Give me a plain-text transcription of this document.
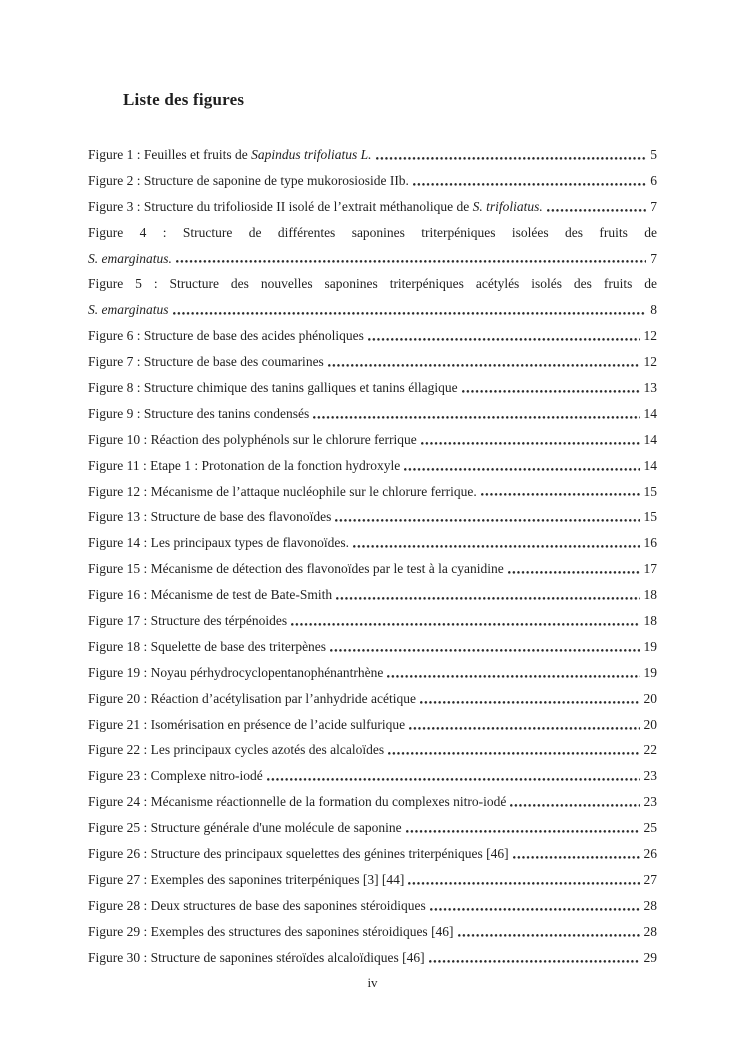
Liste des figures
Figure 1 : Feuilles et fruits de Sapindus trifoliatus L.	5
Figure 2 : Structure de saponine de type mukorosioside IIb.	6
Figure 3 : Structure du trifolioside II isolé de l’extrait méthanolique de S. trifoliatus.	7
Figure 4 : Structure de différentes saponines triterpéniques isolées des fruits de
S. emarginatus.	7
Figure 5 : Structure des nouvelles saponines triterpéniques acétylés isolés des fruits de
S. emarginatus	8
Figure 6 : Structure de base des acides phénoliques	12
Figure 7 : Structure de base des coumarines	12
Figure 8 : Structure chimique des tanins galliques et tanins éllagique	13
Figure 9 : Structure des tanins condensés	14
Figure 10 : Réaction des polyphénols sur le chlorure ferrique	14
Figure 11 : Etape 1 : Protonation de la fonction hydroxyle	14
Figure 12 : Mécanisme de l’attaque nucléophile sur le chlorure ferrique.	15
Figure 13 : Structure de base des flavonoïdes	15
Figure 14 : Les principaux types de flavonoïdes.	16
Figure 15 : Mécanisme de détection des flavonoïdes par le test à la cyanidine	17
Figure 16 : Mécanisme de test de Bate-Smith	18
Figure 17 : Structure des térpénoides	18
Figure 18 : Squelette de base des triterpènes	19
Figure 19 : Noyau pérhydrocyclopentanophénantrhène	19
Figure 20 : Réaction d’acétylisation par l’anhydride acétique	20
Figure 21 : Isomérisation en présence de l’acide sulfurique	20
Figure 22 : Les principaux cycles azotés des alcaloïdes	22
Figure 23 : Complexe nitro-iodé	23
Figure 24 : Mécanisme réactionnelle de la formation du complexes nitro-iodé	23
Figure 25 : Structure générale d'une molécule de saponine	25
Figure 26 : Structure des principaux squelettes des génines triterpéniques [46]	26
Figure 27 : Exemples des saponines triterpéniques [3] [44]	27
Figure 28 : Deux structures de base des saponines stéroidiques	28
Figure 29 : Exemples des structures des saponines stéroidiques [46]	28
Figure 30 : Structure de saponines stéroïdes alcaloïdiques [46]	29
iv
